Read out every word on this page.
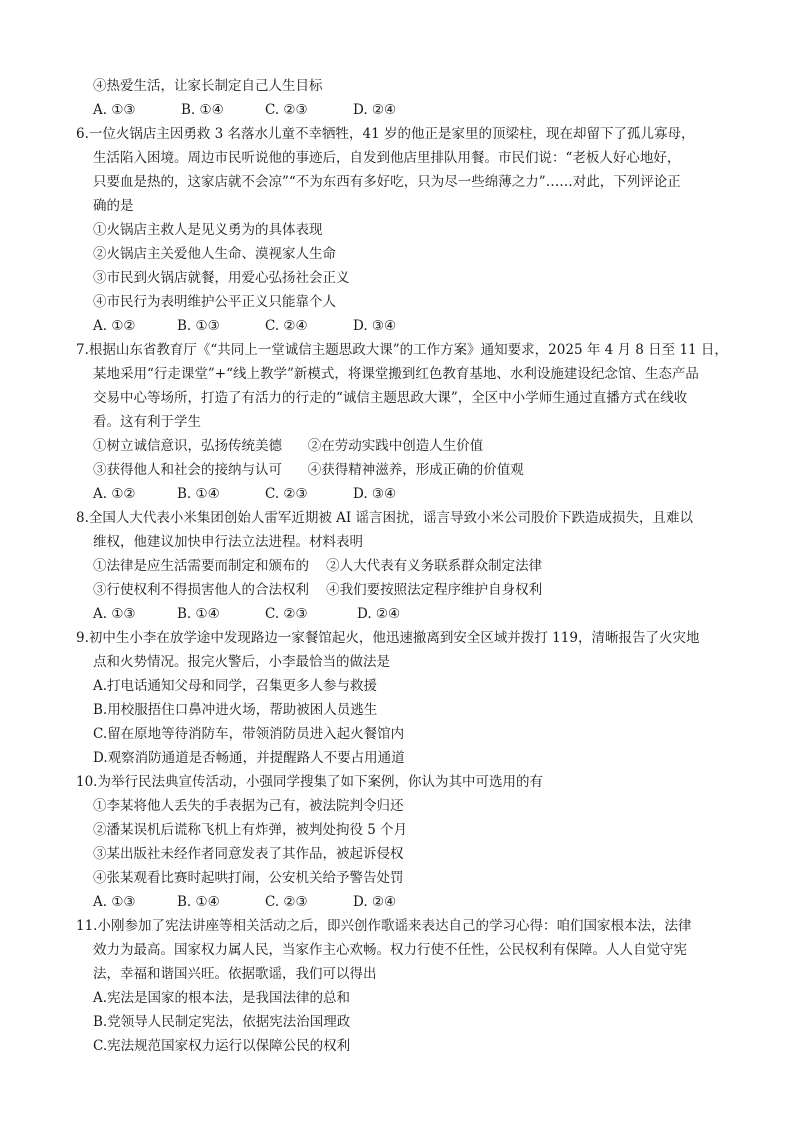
④热爱生活，让家长制定自己人生目标
A. ①③	B. ①④	C. ②③	D. ②④
6.一位火锅店主因勇救 3 名落水儿童不幸牺牲，41 岁的他正是家里的顶梁柱，现在却留下了孤儿寡母，
生活陷入困境。周边市民听说他的事迹后，自发到他店里排队用餐。市民们说：“老板人好心地好，
只要血是热的，这家店就不会凉”“不为东西有多好吃，只为尽一些绵薄之力”……对此，下列评论正
确的是
①火锅店主救人是见义勇为的具体表现
②火锅店主关爱他人生命、漠视家人生命
③市民到火锅店就餐，用爱心弘扬社会正义
④市民行为表明维护公平正义只能靠个人
A. ①②	B. ①③	C. ②④	D. ③④
7.根据山东省教育厅《“共同上一堂诚信主题思政大课”的工作方案》通知要求，2025 年 4 月 8 日至 11 日，
某地采用“行走课堂”+“线上教学”新模式，将课堂搬到红色教育基地、水利设施建设纪念馆、生态产品
交易中心等场所，打造了有活力的行走的“诚信主题思政大课”，全区中小学师生通过直播方式在线收
看。这有利于学生
①树立诚信意识，弘扬传统美德      ②在劳动实践中创造人生价值
③获得他人和社会的接纳与认可      ④获得精神滋养，形成正确的价值观
A. ①②	B. ①④	C. ②③	D. ③④
8.全国人大代表小米集团创始人雷军近期被 AI 谣言困扰，谣言导致小米公司股价下跌造成损失，且难以
维权，他建议加快申行法立法进程。材料表明
①法律是应生活需要而制定和颁布的    ②人大代表有义务联系群众制定法律
③行使权利不得损害他人的合法权利    ④我们要按照法定程序维护自身权利
A. ①③	B. ①④	C. ②③	D. ②④
9.初中生小李在放学途中发现路边一家餐馆起火，他迅速撤离到安全区域并拨打 119，清晰报告了火灾地
点和火势情况。报完火警后，小李最恰当的做法是
A.打电话通知父母和同学，召集更多人参与救援
B.用校服捂住口鼻冲进火场，帮助被困人员逃生
C.留在原地等待消防车，带领消防员进入起火餐馆内
D.观察消防通道是否畅通，并提醒路人不要占用通道
10.为举行民法典宣传活动，小强同学搜集了如下案例，你认为其中可选用的有
①李某将他人丢失的手表据为己有，被法院判令归还
②潘某误机后谎称飞机上有炸弹，被判处拘役 5 个月
③某出版社未经作者同意发表了其作品，被起诉侵权
④张某观看比赛时起哄打闹，公安机关给予警告处罚
A. ①③	B. ①④	C. ②③	D. ②④
11.小刚参加了宪法讲座等相关活动之后，即兴创作歌谣来表达自己的学习心得：咱们国家根本法，法律
效力为最高。国家权力属人民，当家作主心欢畅。权力行使不任性，公民权利有保障。人人自觉守宪
法，幸福和谐国兴旺。依据歌谣，我们可以得出
A.宪法是国家的根本法，是我国法律的总和
B.党领导人民制定宪法，依据宪法治国理政
C.宪法规范国家权力运行以保障公民的权利
